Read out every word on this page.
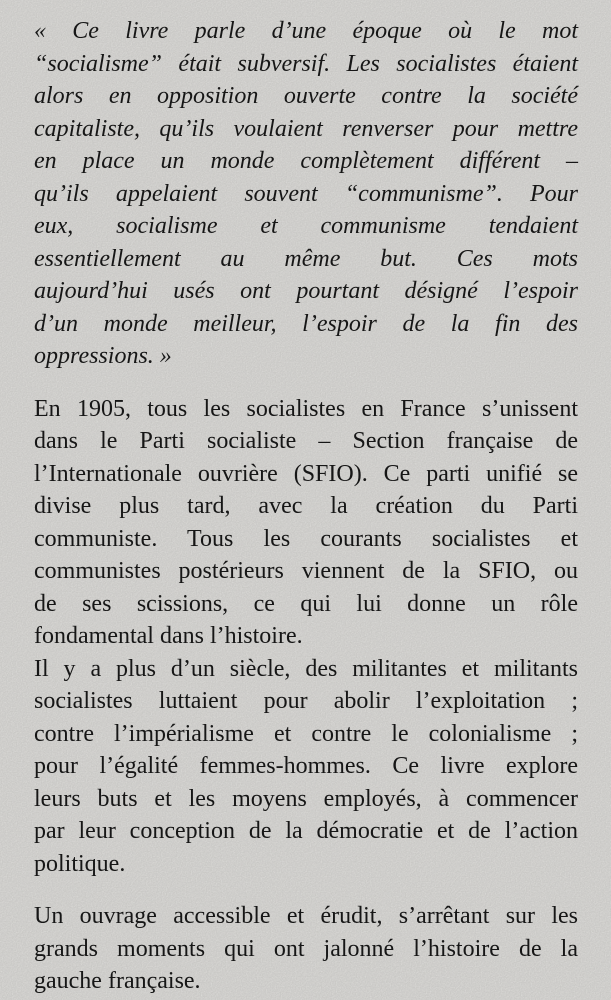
« Ce livre parle d’une époque où le mot
“socialisme” était subversif. Les socialistes étaient
alors en opposition ouverte contre la société
capitaliste, qu’ils voulaient renverser pour mettre
en place un monde complètement différent –
qu’ils appelaient souvent “communisme”. Pour
eux, socialisme et communisme tendaient
essentiellement au même but. Ces mots
aujourd’hui usés ont pourtant désigné l’espoir
d’un monde meilleur, l’espoir de la fin des
oppressions. »
En 1905, tous les socialistes en France s’unissent
dans le Parti socialiste – Section française de
l’Internationale ouvrière (SFIO). Ce parti unifié se
divise plus tard, avec la création du Parti
communiste. Tous les courants socialistes et
communistes postérieurs viennent de la SFIO, ou
de ses scissions, ce qui lui donne un rôle
fondamental dans l’histoire.
Il y a plus d’un siècle, des militantes et militants
socialistes luttaient pour abolir l’exploitation ;
contre l’impérialisme et contre le colonialisme ;
pour l’égalité femmes-hommes. Ce livre explore
leurs buts et les moyens employés, à commencer
par leur conception de la démocratie et de l’action
politique.
Un ouvrage accessible et érudit, s’arrêtant sur les
grands moments qui ont jalonné l’histoire de la
gauche française.
